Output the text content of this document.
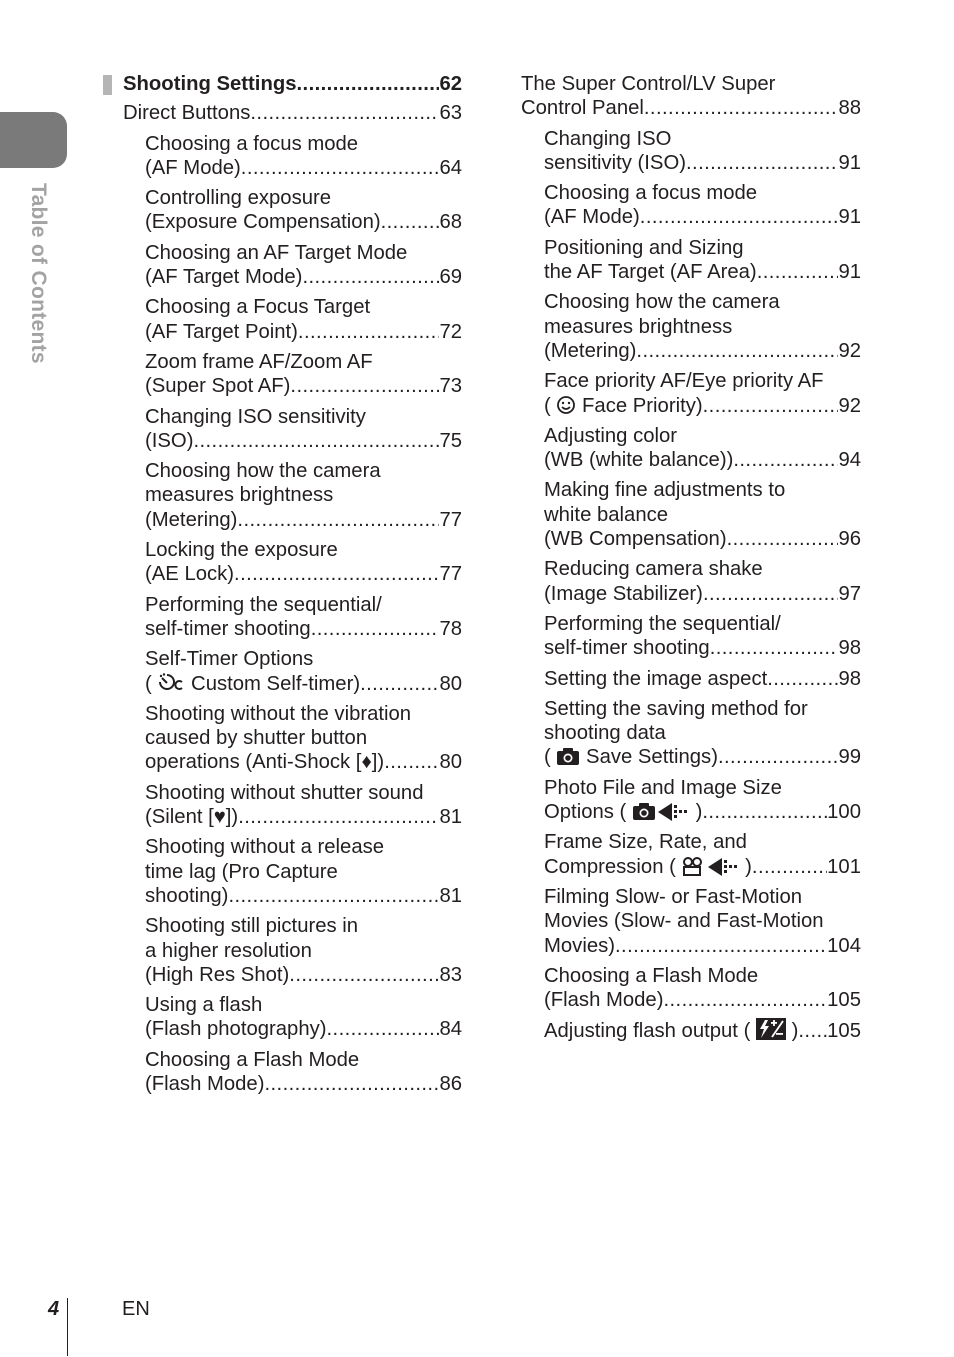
Table of Contents
Shooting Settings .....	62
Direct Buttons .....	63
Choosing a focus mode
(AF Mode) .....	64
Controlling exposure
(Exposure Compensation) .....	68
Choosing an AF Target Mode
(AF Target Mode) .....	69
Choosing a Focus Target
(AF Target Point) .....	72
Zoom frame AF/Zoom AF
(Super Spot AF) .....	73
Changing ISO sensitivity
(ISO) .....	75
Choosing how the camera
measures brightness
(Metering) .....	77
Locking the exposure
(AE Lock) .....	77
Performing the sequential/
self-timer shooting .....	78
Self-Timer Options
(  Custom Self-timer) .....	80
Shooting without the vibration
caused by shutter button
operations (Anti-Shock [♦]) .....	80
Shooting without shutter sound
(Silent [♥]) .....	81
Shooting without a release
time lag (Pro Capture
shooting) .....	81
Shooting still pictures in
a higher resolution
(High Res Shot) .....	83
Using a flash
(Flash photography) .....	84
Choosing a Flash Mode
(Flash Mode) .....	86
The Super Control/LV Super
Control Panel .....	88
Changing ISO
sensitivity (ISO) .....	91
Choosing a focus mode
(AF Mode) .....	91
Positioning and Sizing
the AF Target (AF Area) .....	91
Choosing how the camera
measures brightness
(Metering) .....	92
Face priority AF/Eye priority AF
(  Face Priority) .....	92
Adjusting color
(WB (white balance)) .....	94
Making fine adjustments to
white balance
(WB Compensation) .....	96
Reducing camera shake
(Image Stabilizer) .....	97
Performing the sequential/
self-timer shooting .....	98
Setting the image aspect .....	98
Setting the saving method for
shooting data
(  Save Settings) .....	99
Photo File and Image Size
Options (	) .....	100
Frame Size, Rate, and
Compression (	) .....	101
Filming Slow- or Fast-Motion
Movies (Slow- and Fast-Motion
Movies) .....	104
Choosing a Flash Mode
(Flash Mode) .....	105
Adjusting flash output ( ) ..... 105
4	EN
